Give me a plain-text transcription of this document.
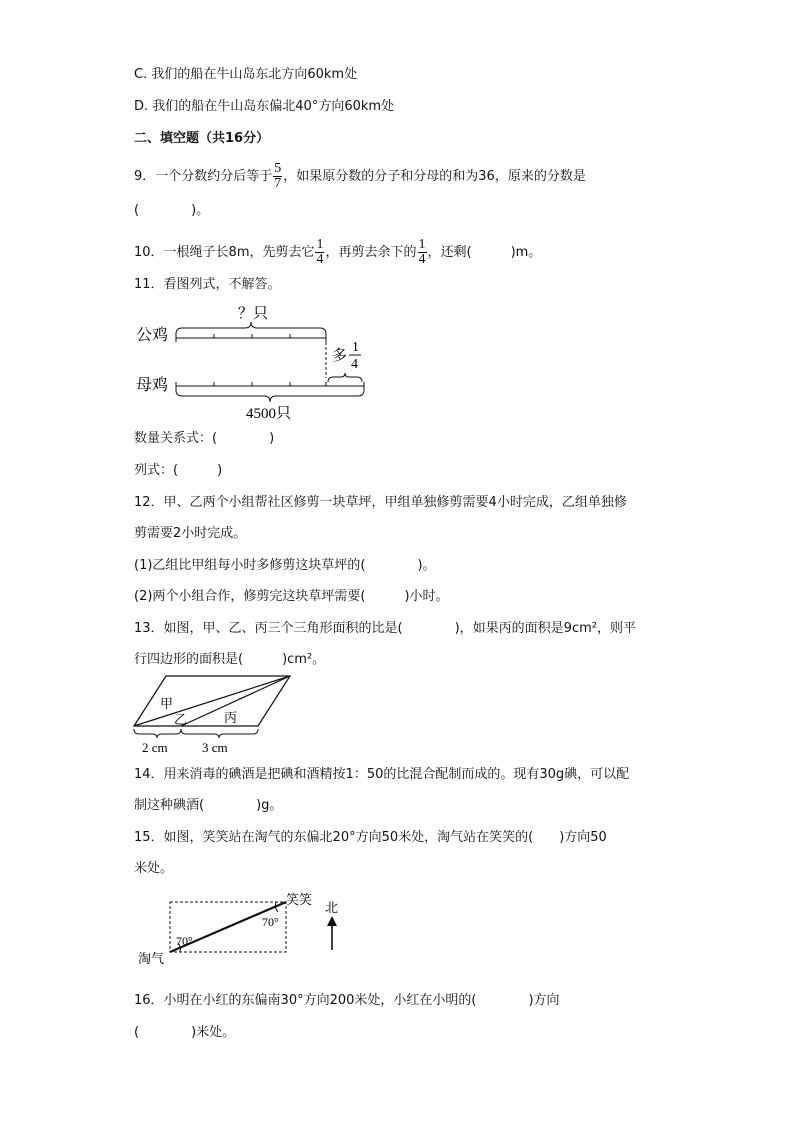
C. 我们的船在牛山岛东北方向60km处
D. 我们的船在牛山岛东偏北40°方向60km处
二、填空题（共16分）
9．一个分数约分后等于 $\frac{5}{7}$ ，如果原分数的分子和分母的和为36，原来的分数是
(　　　　)。
10．一根绳子长8m，先剪去它 $\frac{1}{4}$ ，再剪去余下的 $\frac{1}{4}$ ，还剩(　　　)m。
11．看图列式，不解答。
公鸡
母鸡
？只
多 1
4
4500只
数量关系式：(　　　　)
列式：(　　　)
12．甲、乙两个小组帮社区修剪一块草坪，甲组单独修剪需要4小时完成，乙组单独修
剪需要2小时完成。
(1)乙组比甲组每小时多修剪这块草坪的(　　　　)。
(2)两个小组合作，修剪完这块草坪需要(　　　)小时。
13．如图，甲、乙、丙三个三角形面积的比是(　　　　)，如果丙的面积是9cm²，则平
行四边形的面积是(　　　)cm²。
甲
乙	丙
2 cm	3 cm
14．用来消毒的碘酒是把碘和酒精按1：50的比混合配制而成的。现有30g碘，可以配
制这种碘酒(　　　　)g。
15．如图，笑笑站在淘气的东偏北20°方向50米处，淘气站在笑笑的(　　)方向50
米处。
70°
70°
笑笑
淘气
北
16．小明在小红的东偏南30°方向200米处，小红在小明的(　　　　)方向
(　　　　)米处。
